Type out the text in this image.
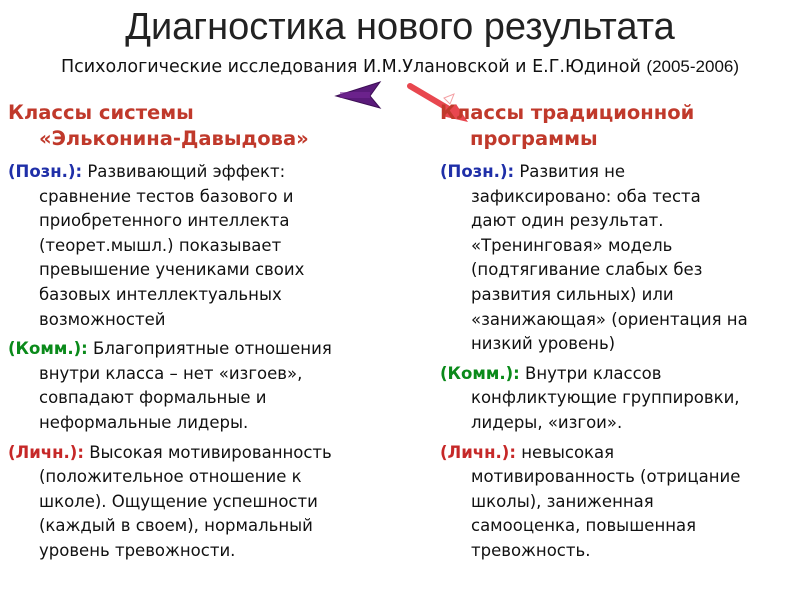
Диагностика нового результата
Психологические исследования И.М.Улановской и Е.Г.Юдиной (2005-2006)
Классы системы
«Эльконина-Давыдова»
(Позн.): Развивающий эффект:
сравнение тестов базового и
приобретенного интеллекта
(теорет.мышл.) показывает
превышение учениками своих
базовых интеллектуальных
возможностей
(Комм.): Благоприятные отношения
внутри класса – нет «изгоев»,
совпадают формальные и
неформальные лидеры.
(Личн.): Высокая мотивированность
(положительное отношение к
школе). Ощущение успешности
(каждый в своем), нормальный
уровень тревожности.
Классы традиционной
программы
(Позн.): Развития не
зафиксировано: оба теста
дают один результат.
«Тренинговая» модель
(подтягивание слабых без
развития сильных) или
«занижающая» (ориентация на
низкий уровень)
(Комм.): Внутри классов
конфликтующие группировки,
лидеры, «изгои».
(Личн.): невысокая
мотивированность (отрицание
школы), заниженная
самооценка, повышенная
тревожность.
